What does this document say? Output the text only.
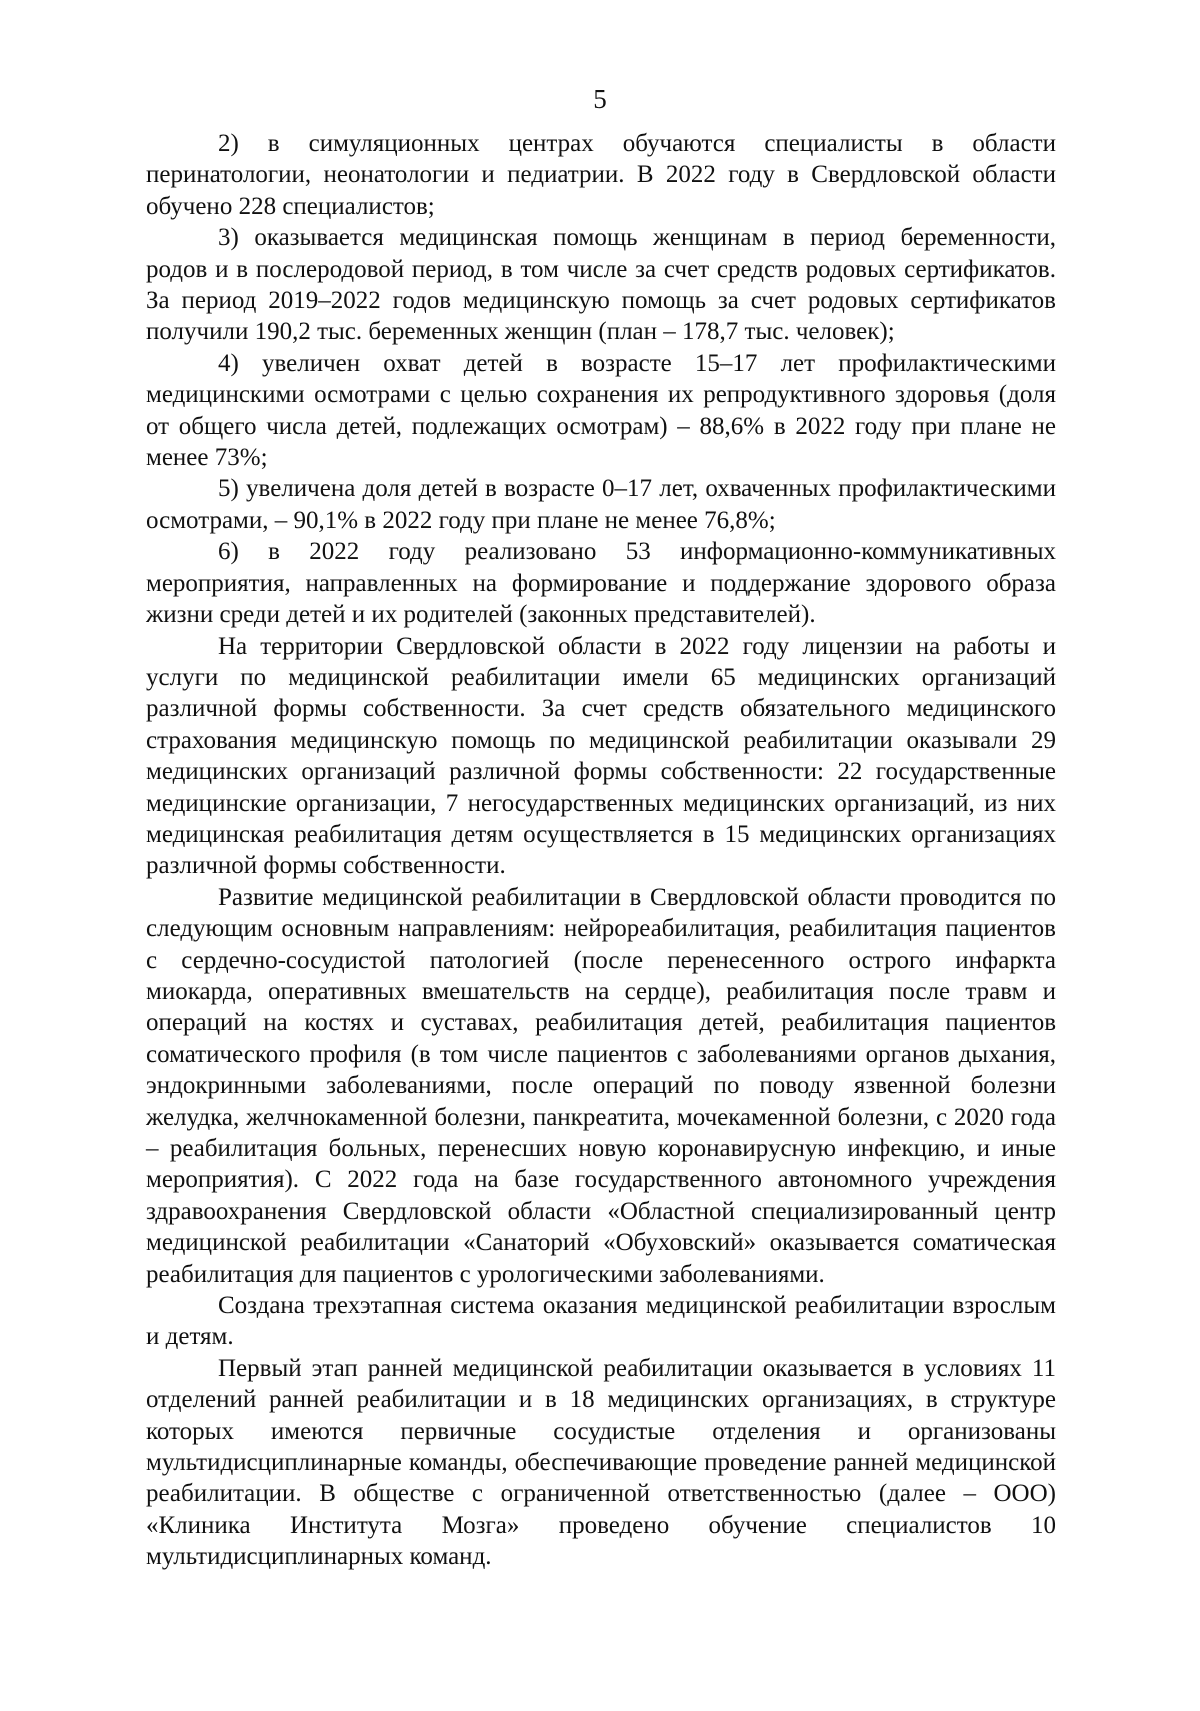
5

2) в симуляционных центрах обучаются специалисты в области перинатологии, неонатологии и педиатрии. В 2022 году в Свердловской области обучено 228 специалистов;

3) оказывается медицинская помощь женщинам в период беременности, родов и в послеродовой период, в том числе за счет средств родовых сертификатов. За период 2019–2022 годов медицинскую помощь за счет родовых сертификатов получили 190,2 тыс. беременных женщин (план – 178,7 тыс. человек);

4) увеличен охват детей в возрасте 15–17 лет профилактическими медицинскими осмотрами с целью сохранения их репродуктивного здоровья (доля от общего числа детей, подлежащих осмотрам) – 88,6% в 2022 году при плане не менее 73%;

5) увеличена доля детей в возрасте 0–17 лет, охваченных профилактическими осмотрами, – 90,1% в 2022 году при плане не менее 76,8%;

6) в 2022 году реализовано 53 информационно-коммуникативных мероприятия, направленных на формирование и поддержание здорового образа жизни среди детей и их родителей (законных представителей).

На территории Свердловской области в 2022 году лицензии на работы и услуги по медицинской реабилитации имели 65 медицинских организаций различной формы собственности. За счет средств обязательного медицинского страхования медицинскую помощь по медицинской реабилитации оказывали 29 медицинских организаций различной формы собственности: 22 государственные медицинские организации, 7 негосударственных медицинских организаций, из них медицинская реабилитация детям осуществляется в 15 медицинских организациях различной формы собственности.

Развитие медицинской реабилитации в Свердловской области проводится по следующим основным направлениям: нейрореабилитация, реабилитация пациентов с сердечно-сосудистой патологией (после перенесенного острого инфаркта миокарда, оперативных вмешательств на сердце), реабилитация после травм и операций на костях и суставах, реабилитация детей, реабилитация пациентов соматического профиля (в том числе пациентов с заболеваниями органов дыхания, эндокринными заболеваниями, после операций по поводу язвенной болезни желудка, желчнокаменной болезни, панкреатита, мочекаменной болезни, с 2020 года – реабилитация больных, перенесших новую коронавирусную инфекцию, и иные мероприятия). С 2022 года на базе государственного автономного учреждения здравоохранения Свердловской области «Областной специализированный центр медицинской реабилитации «Санаторий «Обуховский» оказывается соматическая реабилитация для пациентов с урологическими заболеваниями.

Создана трехэтапная система оказания медицинской реабилитации взрослым и детям.

Первый этап ранней медицинской реабилитации оказывается в условиях 11 отделений ранней реабилитации и в 18 медицинских организациях, в структуре которых имеются первичные сосудистые отделения и организованы мультидисциплинарные команды, обеспечивающие проведение ранней медицинской реабилитации. В обществе с ограниченной ответственностью (далее – ООО) «Клиника Института Мозга» проведено обучение специалистов 10 мультидисциплинарных команд.
